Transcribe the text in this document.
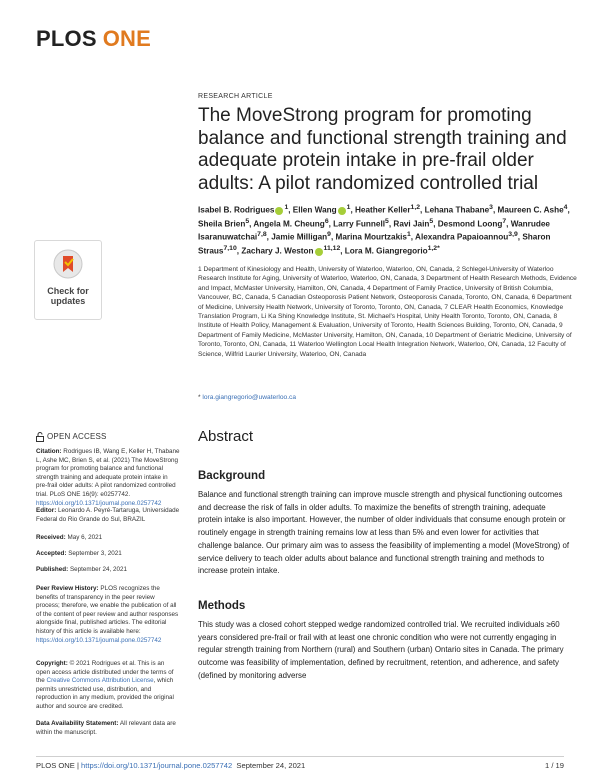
PLOS ONE
Check for
updates
OPEN ACCESS
Citation: Rodrigues IB, Wang E, Keller H, Thabane L, Ashe MC, Brien S, et al. (2021) The MoveStrong program for promoting balance and functional strength training and adequate protein intake in pre-frail older adults: A pilot randomized controlled trial. PLoS ONE 16(9): e0257742. https://doi.org/10.1371/journal.pone.0257742
Editor: Leonardo A. Peyré-Tartaruga, Universidade Federal do Rio Grande do Sul, BRAZIL
Received: May 6, 2021
Accepted: September 3, 2021
Published: September 24, 2021
Peer Review History: PLOS recognizes the benefits of transparency in the peer review process; therefore, we enable the publication of all of the content of peer review and author responses alongside final, published articles. The editorial history of this article is available here: https://doi.org/10.1371/journal.pone.0257742
Copyright: © 2021 Rodrigues et al. This is an open access article distributed under the terms of the Creative Commons Attribution License, which permits unrestricted use, distribution, and reproduction in any medium, provided the original author and source are credited.
Data Availability Statement: All relevant data are within the manuscript.
RESEARCH ARTICLE
The MoveStrong program for promoting balance and functional strength training and adequate protein intake in pre-frail older adults: A pilot randomized controlled trial
Isabel B. Rodrigues $^1$, Ellen Wang $^1$, Heather Keller$^{1,2}$, Lehana Thabane$^3$, Maureen C. Ashe$^4$, Sheila Brien$^5$, Angela M. Cheung$^6$, Larry Funnell$^5$, Ravi Jain$^5$, Desmond Loong$^7$, Wanrudee Isaranuwatchai$^{7,8}$, Jamie Milligan$^9$, Marina Mourtzakis$^1$, Alexandra Papaioannou$^{3,9}$, Sharon Straus$^{7,10}$, Zachary J. Weston $^{11,12}$, Lora M. Giangregorio$^{1,2*}$
1 Department of Kinesiology and Health, University of Waterloo, Waterloo, ON, Canada, 2 Schlegel-University of Waterloo Research Institute for Aging, University of Waterloo, Waterloo, ON, Canada, 3 Department of Health Research Methods, Evidence and Impact, McMaster University, Hamilton, ON, Canada, 4 Department of Family Practice, University of British Columbia, Vancouver, BC, Canada, 5 Canadian Osteoporosis Patient Network, Osteoporosis Canada, Toronto, ON, Canada, 6 Department of Medicine, University Health Network, University of Toronto, Toronto, ON, Canada, 7 CLEAR Health Economics, Knowledge Translation Program, Li Ka Shing Knowledge Institute, St. Michael's Hospital, Unity Health Toronto, Toronto, ON, Canada, 8 Institute of Health Policy, Management & Evaluation, University of Toronto, Health Sciences Building, Toronto, ON, Canada, 9 Department of Family Medicine, McMaster University, Hamilton, ON, Canada, 10 Department of Geriatric Medicine, University of Toronto, Toronto, ON, Canada, 11 Waterloo Wellington Local Health Integration Network, Waterloo, ON, Canada, 12 Faculty of Science, Wilfrid Laurier University, Waterloo, ON, Canada
* lora.giangregorio@uwaterloo.ca
Abstract
Background
Balance and functional strength training can improve muscle strength and physical functioning outcomes and decrease the risk of falls in older adults. To maximize the benefits of strength training, adequate protein intake is also important. However, the number of older individuals that consume enough protein or routinely engage in strength training remains low at less than 5% and even lower for activities that challenge balance. Our primary aim was to assess the feasibility of implementing a model (MoveStrong) of service delivery to teach older adults about balance and functional strength training and methods to increase protein intake.
Methods
This study was a closed cohort stepped wedge randomized controlled trial. We recruited individuals ≥60 years considered pre-frail or frail with at least one chronic condition who were not currently engaging in regular strength training from Northern (rural) and Southern (urban) Ontario sites in Canada. The primary outcome was feasibility of implementation, defined by recruitment, retention, and adherence, and safety (defined by monitoring adverse
PLOS ONE | https://doi.org/10.1371/journal.pone.0257742 September 24, 2021	1 / 19
